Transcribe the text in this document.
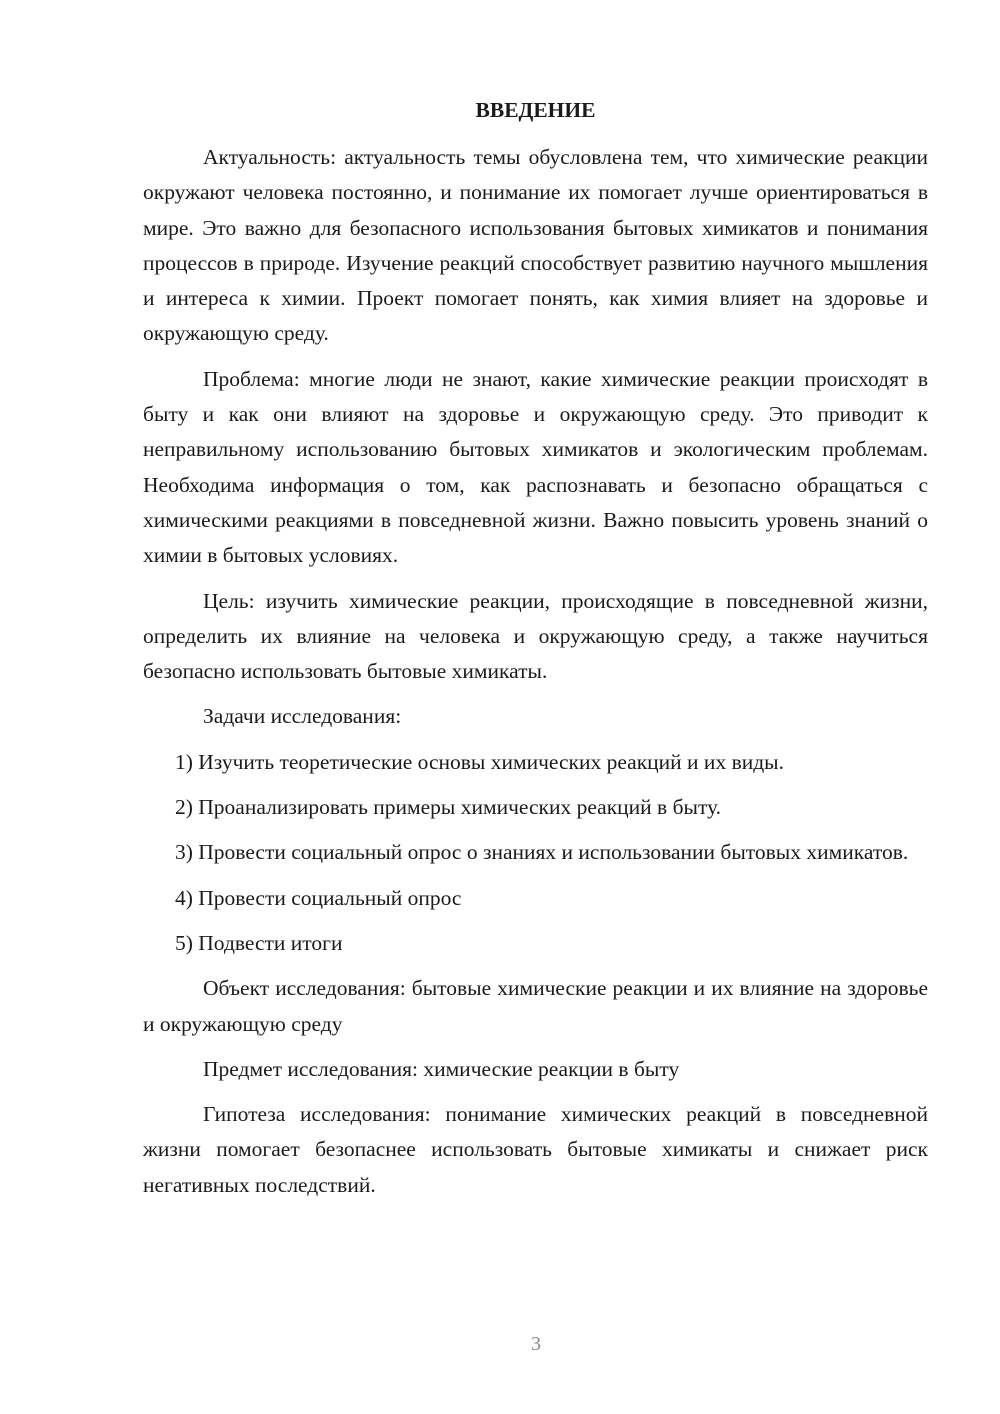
ВВЕДЕНИЕ

Актуальность: актуальность темы обусловлена тем, что химические реакции окружают человека постоянно, и понимание их помогает лучше ориентироваться в мире. Это важно для безопасного использования бытовых химикатов и понимания процессов в природе. Изучение реакций способствует развитию научного мышления и интереса к химии. Проект помогает понять, как химия влияет на здоровье и окружающую среду.

Проблема: многие люди не знают, какие химические реакции происходят в быту и как они влияют на здоровье и окружающую среду. Это приводит к неправильному использованию бытовых химикатов и экологическим проблемам. Необходима информация о том, как распознавать и безопасно обращаться с химическими реакциями в повседневной жизни. Важно повысить уровень знаний о химии в бытовых условиях.

Цель: изучить химические реакции, происходящие в повседневной жизни, определить их влияние на человека и окружающую среду, а также научиться безопасно использовать бытовые химикаты.

Задачи исследования:

1) Изучить теоретические основы химических реакций и их виды.

2) Проанализировать примеры химических реакций в быту.

3) Провести социальный опрос о знаниях и использовании бытовых химикатов.

4) Провести социальный опрос

5) Подвести итоги

Объект исследования: бытовые химические реакции и их влияние на здоровье и окружающую среду

Предмет исследования: химические реакции в быту

Гипотеза исследования: понимание химических реакций в повседневной жизни помогает безопаснее использовать бытовые химикаты и снижает риск негативных последствий.

3
